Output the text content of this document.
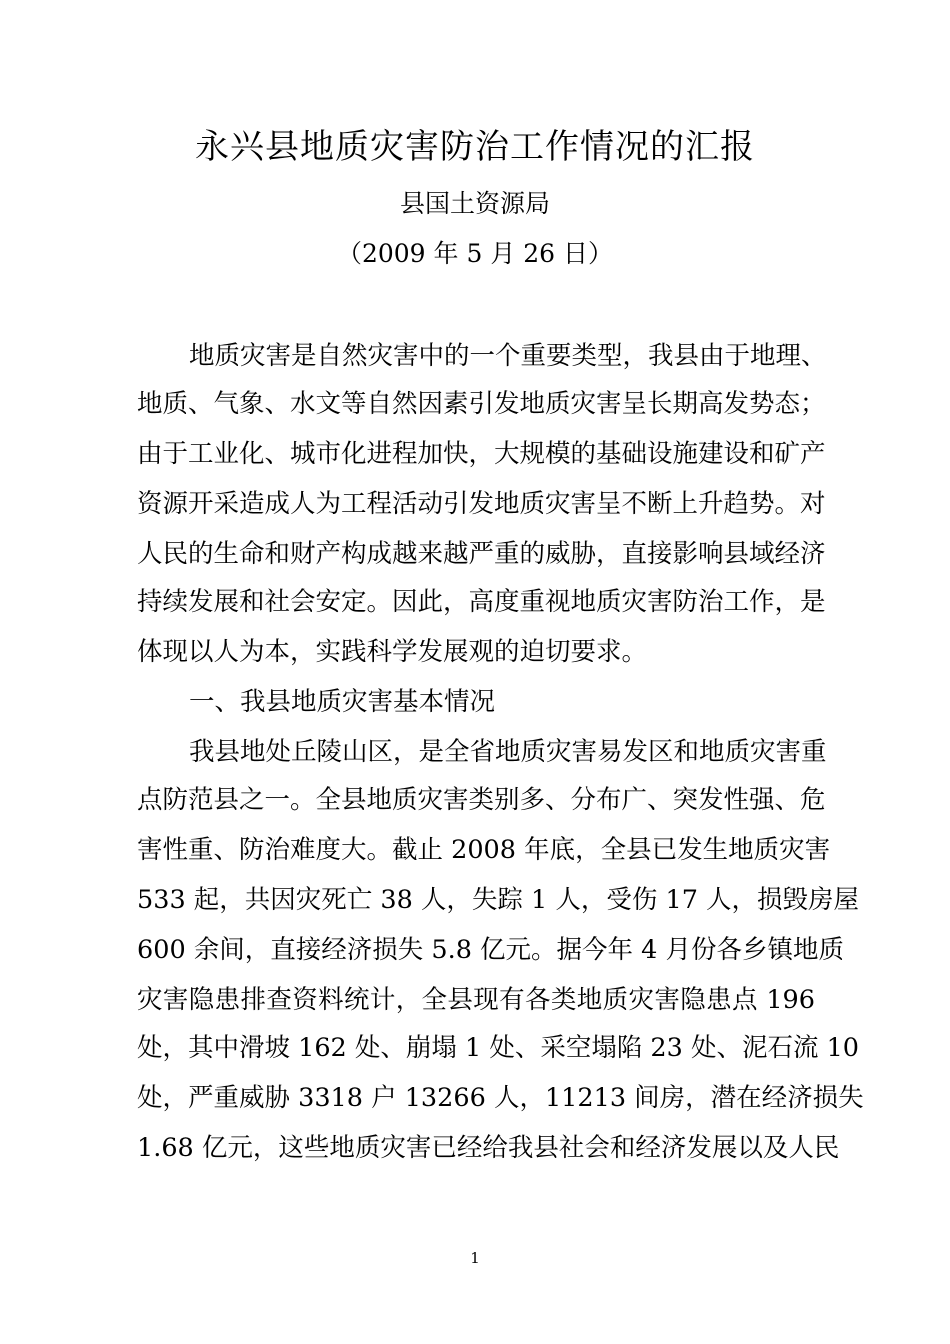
永兴县地质灾害防治工作情况的汇报
县国土资源局
（2009 年 5 月 26 日）
地质灾害是自然灾害中的一个重要类型，我县由于地理、
地质、气象、水文等自然因素引发地质灾害呈长期高发势态；
由于工业化、城市化进程加快，大规模的基础设施建设和矿产
资源开采造成人为工程活动引发地质灾害呈不断上升趋势。对
人民的生命和财产构成越来越严重的威胁，直接影响县域经济
持续发展和社会安定。因此，高度重视地质灾害防治工作，是
体现以人为本，实践科学发展观的迫切要求。
一、我县地质灾害基本情况
我县地处丘陵山区，是全省地质灾害易发区和地质灾害重
点防范县之一。全县地质灾害类别多、分布广、突发性强、危
害性重、防治难度大。截止 2008 年底，全县已发生地质灾害
533 起，共因灾死亡 38 人，失踪 1 人，受伤 17 人，损毁房屋
600 余间，直接经济损失 5.8 亿元。据今年 4 月份各乡镇地质
灾害隐患排查资料统计，全县现有各类地质灾害隐患点 196
处，其中滑坡 162 处、崩塌 1 处、采空塌陷 23 处、泥石流 10
处，严重威胁 3318 户 13266 人，11213 间房，潜在经济损失
1.68 亿元，这些地质灾害已经给我县社会和经济发展以及人民
1
